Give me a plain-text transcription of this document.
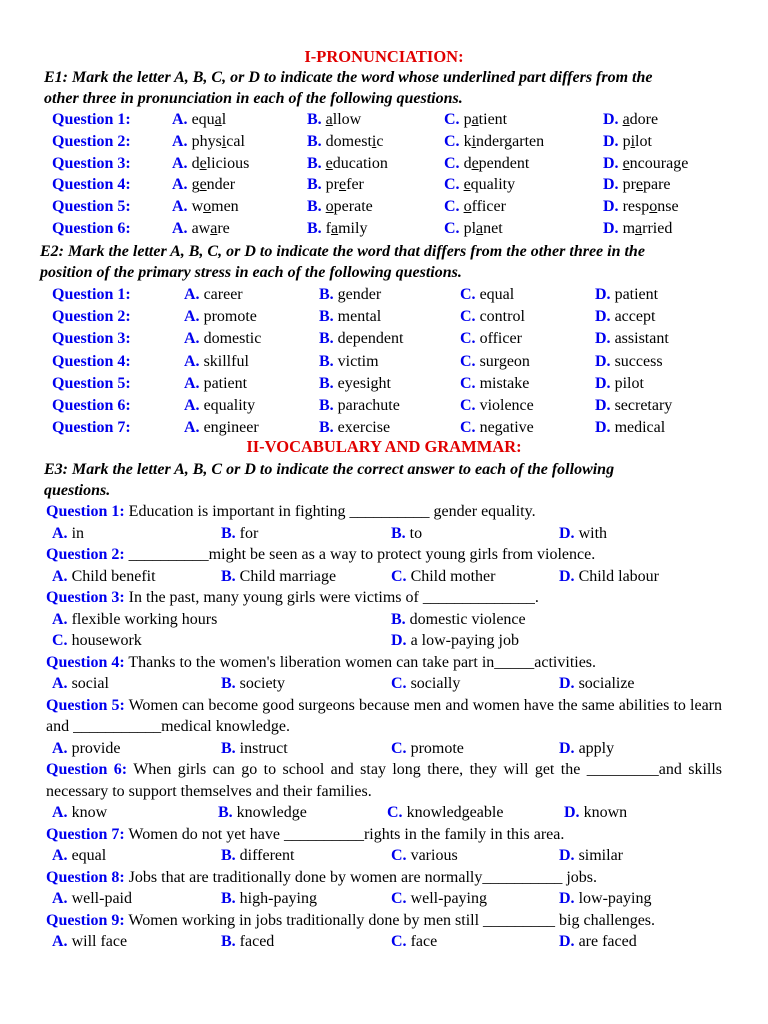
I-PRONUNCIATION:

E1: Mark the letter A, B, C, or D to indicate the word whose underlined part differs from the
other three in pronunciation in each of the following questions.
Question 1:	A. equal	B. allow	C. patient	D. adore
Question 2:	A. physical	B. domestic	C. kindergarten	D. pilot
Question 3:	A. delicious	B. education	C. dependent	D. encourage
Question 4:	A. gender	B. prefer	C. equality	D. prepare
Question 5:	A. women	B. operate	C. officer	D. response
Question 6:	A. aware	B. family	C. planet	D. married
E2: Mark the letter A, B, C, or D to indicate the word that differs from the other three in the
position of the primary stress in each of the following questions.
Question 1:	A. career	B. gender	C. equal	D. patient
Question 2:	A. promote	B. mental	C. control	D. accept
Question 3:	A. domestic	B. dependent	C. officer	D. assistant
Question 4:	A. skillful	B. victim	C. surgeon	D. success
Question 5:	A. patient	B. eyesight	C. mistake	D. pilot
Question 6:	A. equality	B. parachute	C. violence	D. secretary
Question 7:	A. engineer	B. exercise	C. negative	D. medical

II-VOCABULARY AND GRAMMAR:

E3: Mark the letter A, B, C or D to indicate the correct answer to each of the following
questions.
Question 1: Education is important in fighting __________ gender equality.
A. in	B. for	B. to	D. with
Question 2: __________might be seen as a way to protect young girls from violence.
A. Child benefit	B. Child marriage	C. Child mother	D. Child labour
Question 3: In the past, many young girls were victims of ______________.
A. flexible working hours	B. domestic violence
C. housework	D. a low-paying job
Question 4: Thanks to the women's liberation women can take part in_____activities.
A. social	B. society	C. socially	D. socialize
Question 5: Women can become good surgeons because men and women have the same abilities to learn and ___________medical knowledge.
A. provide	B. instruct	C. promote	D. apply
Question 6: When girls can go to school and stay long there, they will get the _________and skills necessary to support themselves and their families.
A. know	B. knowledge	C. knowledgeable	D. known
Question 7: Women do not yet have __________rights in the family in this area.
A. equal	B. different	C. various	D. similar
Question 8: Jobs that are traditionally done by women are normally__________ jobs.
A. well-paid	B. high-paying	C. well-paying	D. low-paying
Question 9: Women working in jobs traditionally done by men still _________ big challenges.
A. will face	B. faced	C. face	D. are faced
